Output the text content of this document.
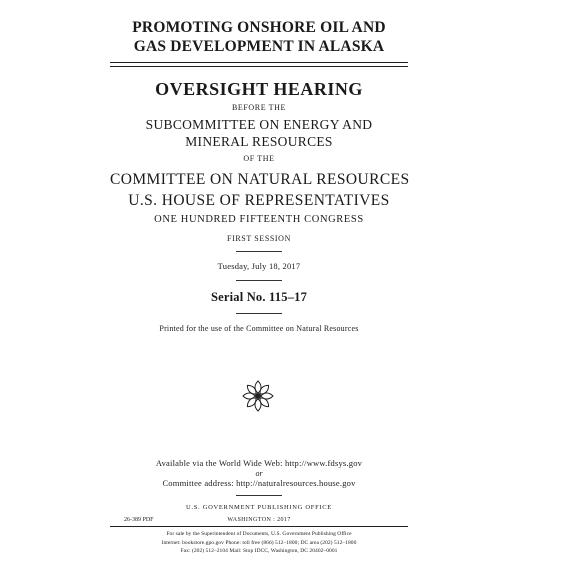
PROMOTING ONSHORE OIL AND
GAS DEVELOPMENT IN ALASKA
OVERSIGHT HEARING
BEFORE THE
SUBCOMMITTEE ON ENERGY AND
MINERAL RESOURCES
OF THE
COMMITTEE ON NATURAL RESOURCES
U.S. HOUSE OF REPRESENTATIVES
ONE HUNDRED FIFTEENTH CONGRESS
FIRST SESSION
Tuesday, July 18, 2017
Serial No. 115–17
Printed for the use of the Committee on Natural Resources
Available via the World Wide Web: http://www.fdsys.gov
or
Committee address: http://naturalresources.house.gov
U.S. GOVERNMENT PUBLISHING OFFICE
26-389 PDF	WASHINGTON : 2017
For sale by the Superintendent of Documents, U.S. Government Publishing Office
Internet: bookstore.gpo.gov Phone: toll free (866) 512–1800; DC area (202) 512–1800
Fax: (202) 512–2104 Mail: Stop IDCC, Washington, DC 20402–0001
